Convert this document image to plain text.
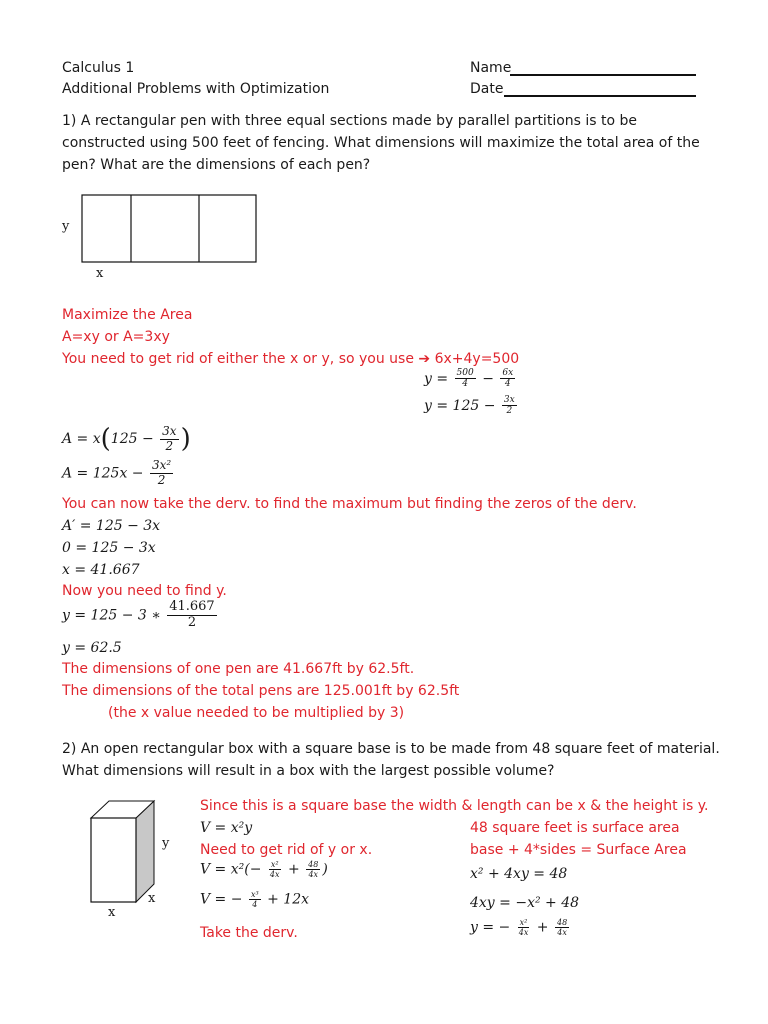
Calculus 1
Additional Problems with Optimization
Name
Date
1) A rectangular pen with three equal sections made by parallel partitions is to be
constructed using 500 feet of fencing. What dimensions will maximize the total area of the
pen? What are the dimensions of each pen?
y
x
Maximize the Area
A=xy or A=3xy
You need to get rid of either the x or y, so you use ➔ 6x+4y=500
$y = \frac{500}{4} - \frac{6x}{4}$
$y = 125 - \frac{3x}{2}$
$A = x(125 - \frac{3x}{2}$ )
$A = 125x - \frac{\text{3x²}}{2}$
You can now take the derv. to find the maximum but finding the zeros of the derv.
A′ = 125 − 3x
0 = 125 − 3x
x = 41.667
Now you need to find y.
y = 125 − 3 ∗ $\frac{41.667}{2}$
y = 62.5
The dimensions of one pen are 41.667ft by 62.5ft.
The dimensions of the total pens are 125.001ft by 62.5ft
(the x value needed to be multiplied by 3)
2) An open rectangular box with a square base is to be made from 48 square feet of material.
What dimensions will result in a box with the largest possible volume?
y
x
x
Since this is a square base the width & length can be x & the height is y.
V = x²y	48 square feet is surface area
Need to get rid of y or x.	base + 4*sides = Surface Area
$V = x^2(- \frac{\text{x²}}{4x} + \frac{48}{4x}$ )	x² + 4xy = 48
V = − $\frac{\text{x³}}{4} + 12x$	4xy = −x² + 48
Take the derv.	y = − $\frac{\text{x²}}{4x} + \frac{48}{4x}$
